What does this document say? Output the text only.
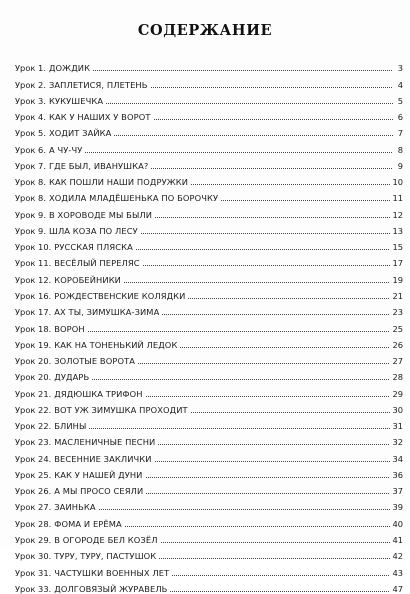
СОДЕРЖАНИЕ
Урок 1. ДОЖДИК	3
Урок 2. ЗАПЛЕТИСЯ, ПЛЕТЕНЬ	4
Урок 3. КУКУШЕЧКА	5
Урок 4. КАК У НАШИХ У ВОРОТ	6
Урок 5. ХОДИТ ЗАЙКА	7
Урок 6. А ЧУ-ЧУ	8
Урок 7. ГДЕ БЫЛ, ИВАНУШКА?	9
Урок 8. КАК ПОШЛИ НАШИ ПОДРУЖКИ	10
Урок 8. ХОДИЛА МЛАДЁШЕНЬКА ПО БОРОЧКУ	11
Урок 9. В ХОРОВОДЕ МЫ БЫЛИ	12
Урок 9. ШЛА КОЗА ПО ЛЕСУ	13
Урок 10. РУССКАЯ ПЛЯСКА	15
Урок 11. ВЕСЁЛЫЙ ПЕРЕЛЯС	17
Урок 12. КОРОБЕЙНИКИ	19
Урок 16. РОЖДЕСТВЕНСКИЕ КОЛЯДКИ	21
Урок 17. АХ ТЫ, ЗИМУШКА-ЗИМА	23
Урок 18. ВОРОН	25
Урок 19. КАК НА ТОНЕНЬКИЙ ЛЕДОК	26
Урок 20. ЗОЛОТЫЕ ВОРОТА	27
Урок 20. ДУДАРЬ	28
Урок 21. ДЯДЮШКА ТРИФОН	29
Урок 22. ВОТ УЖ ЗИМУШКА ПРОХОДИТ	30
Урок 22. БЛИНЫ	31
Урок 23. МАСЛЕНИЧНЫЕ ПЕСНИ	32
Урок 24. ВЕСЕННИЕ ЗАКЛИЧКИ	34
Урок 25. КАК У НАШЕЙ ДУНИ	36
Урок 26. А МЫ ПРОСО СЕЯЛИ	37
Урок 27. ЗАИНЬКА	39
Урок 28. ФОМА И ЕРЁМА	40
Урок 29. В ОГОРОДЕ БЕЛ КОЗЁЛ	41
Урок 30. ТУРУ, ТУРУ, ПАСТУШОК	42
Урок 31. ЧАСТУШКИ ВОЕННЫХ ЛЕТ	43
Урок 33. ДОЛГОВЯЗЫЙ ЖУРАВЕЛЬ	47
